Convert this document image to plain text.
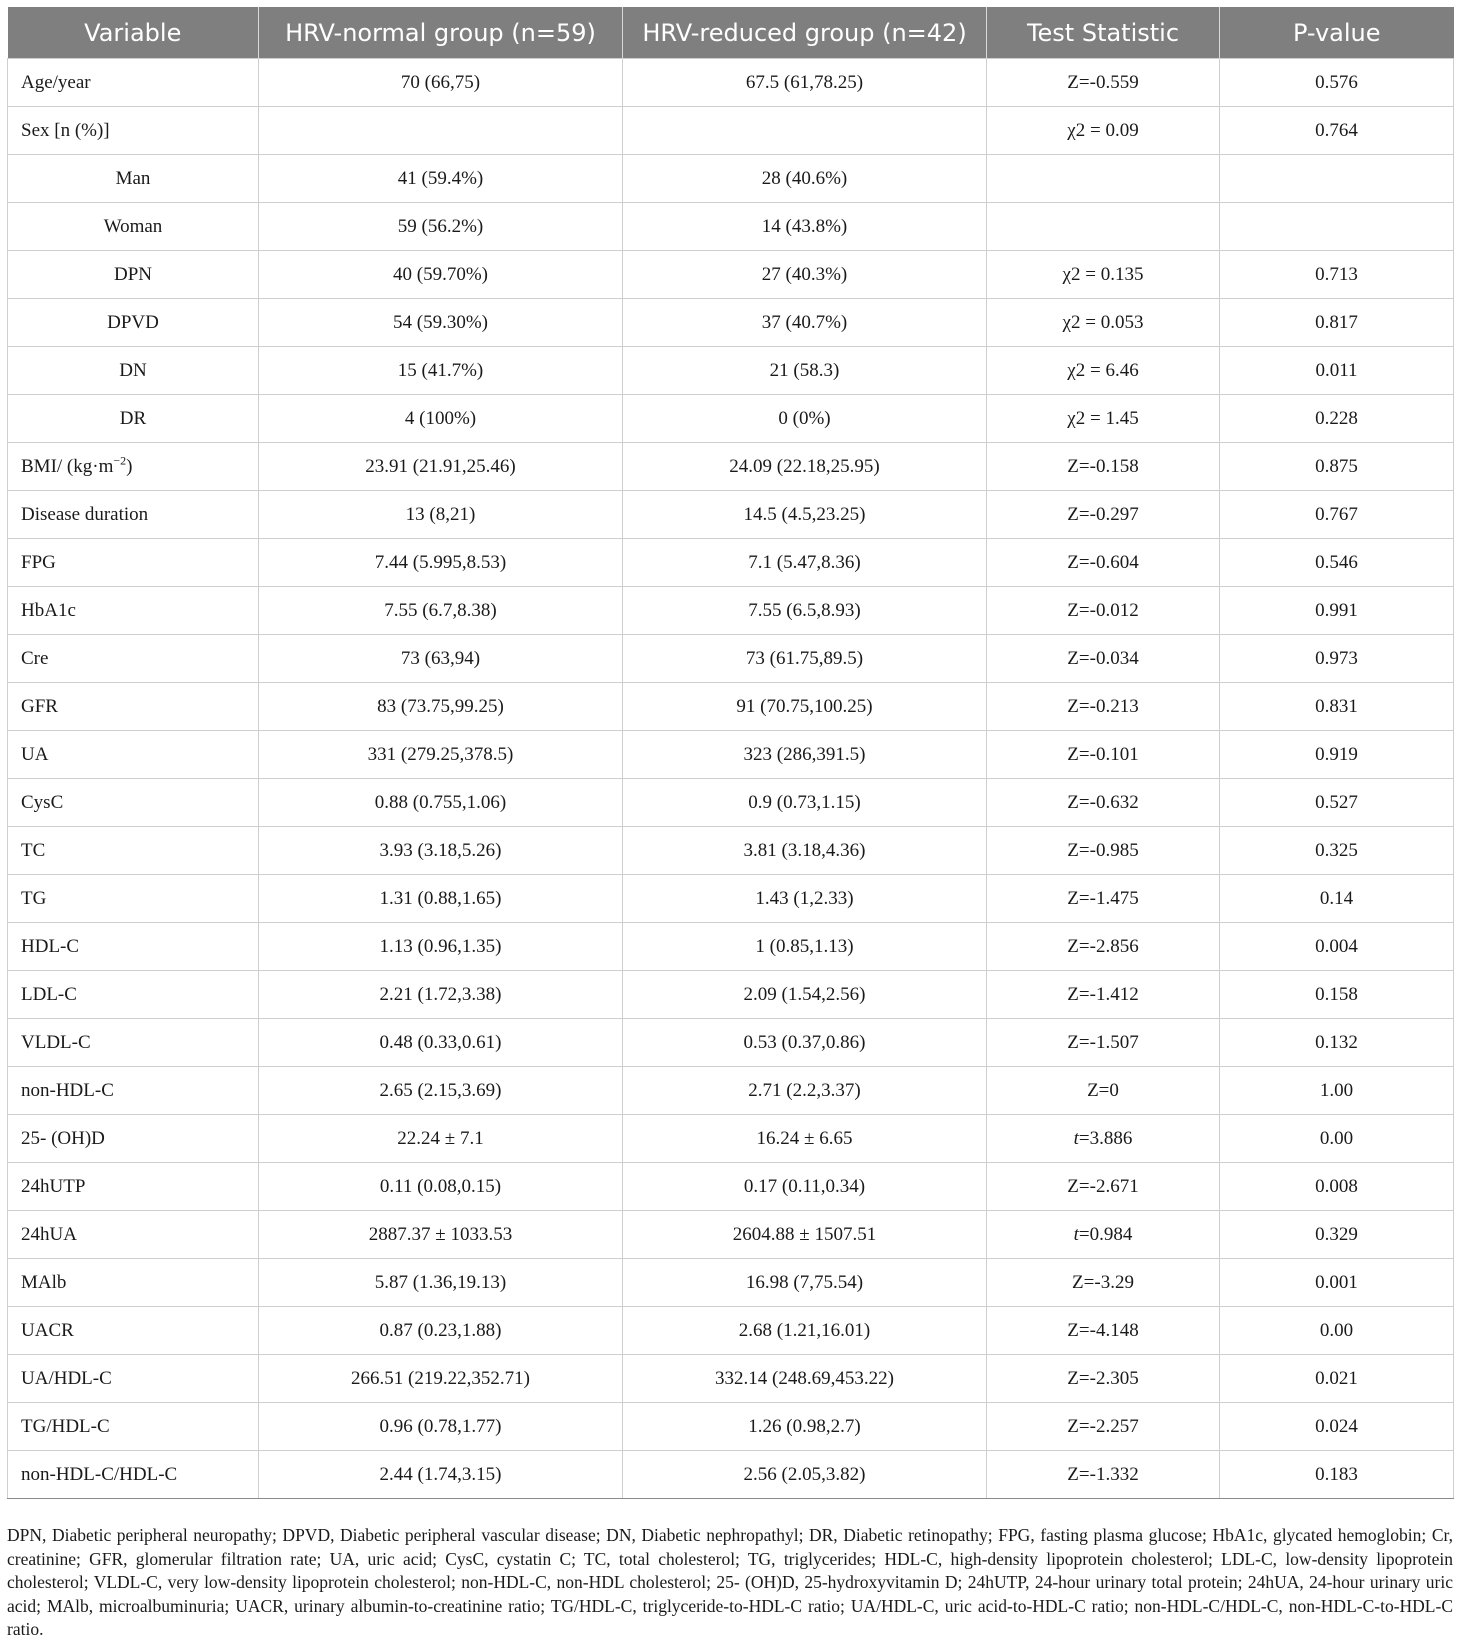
Variable	HRV-normal group (n=59)	HRV-reduced group (n=42)	Test Statistic	P-value
Age/year	70 (66,75)	67.5 (61,78.25)	Z=-0.559	0.576
Sex [n (%)]			χ2 = 0.09	0.764
Man	41 (59.4%)	28 (40.6%)		
Woman	59 (56.2%)	14 (43.8%)		
DPN	40 (59.70%)	27 (40.3%)	χ2 = 0.135	0.713
DPVD	54 (59.30%)	37 (40.7%)	χ2 = 0.053	0.817
DN	15 (41.7%)	21 (58.3)	χ2 = 6.46	0.011
DR	4 (100%)	0 (0%)	χ2 = 1.45	0.228
BMI/ $(kg\cdot m^{-2})$	23.91 (21.91,25.46)	24.09 (22.18,25.95)	Z=-0.158	0.875
Disease duration	13 (8,21)	14.5 (4.5,23.25)	Z=-0.297	0.767
FPG	7.44 (5.995,8.53)	7.1 (5.47,8.36)	Z=-0.604	0.546
HbA1c	7.55 (6.7,8.38)	7.55 (6.5,8.93)	Z=-0.012	0.991
Cre	73 (63,94)	73 (61.75,89.5)	Z=-0.034	0.973
GFR	83 (73.75,99.25)	91 (70.75,100.25)	Z=-0.213	0.831
UA	331 (279.25,378.5)	323 (286,391.5)	Z=-0.101	0.919
CysC	0.88 (0.755,1.06)	0.9 (0.73,1.15)	Z=-0.632	0.527
TC	3.93 (3.18,5.26)	3.81 (3.18,4.36)	Z=-0.985	0.325
TG	1.31 (0.88,1.65)	1.43 (1,2.33)	Z=-1.475	0.14
HDL-C	1.13 (0.96,1.35)	1 (0.85,1.13)	Z=-2.856	0.004
LDL-C	2.21 (1.72,3.38)	2.09 (1.54,2.56)	Z=-1.412	0.158
VLDL-C	0.48 (0.33,0.61)	0.53 (0.37,0.86)	Z=-1.507	0.132
non-HDL-C	2.65 (2.15,3.69)	2.71 (2.2,3.37)	Z=0	1.00
25- (OH)D	22.24 ± 7.1	16.24 ± 6.65	t=3.886	0.00
24hUTP	0.11 (0.08,0.15)	0.17 (0.11,0.34)	Z=-2.671	0.008
24hUA	2887.37 ± 1033.53	2604.88 ± 1507.51	t=0.984	0.329
MAlb	5.87 (1.36,19.13)	16.98 (7,75.54)	Z=-3.29	0.001
UACR	0.87 (0.23,1.88)	2.68 (1.21,16.01)	Z=-4.148	0.00
UA/HDL-C	266.51 (219.22,352.71)	332.14 (248.69,453.22)	Z=-2.305	0.021
TG/HDL-C	0.96 (0.78,1.77)	1.26 (0.98,2.7)	Z=-2.257	0.024
non-HDL-C/HDL-C	2.44 (1.74,3.15)	2.56 (2.05,3.82)	Z=-1.332	0.183

DPN, Diabetic peripheral neuropathy; DPVD, Diabetic peripheral vascular disease; DN, Diabetic nephropathyl; DR, Diabetic retinopathy; FPG, fasting plasma glucose; HbA1c, glycated hemoglobin; Cr, creatinine; GFR, glomerular filtration rate; UA, uric acid; CysC, cystatin C; TC, total cholesterol; TG, triglycerides; HDL-C, high-density lipoprotein cholesterol; LDL-C, low-density lipoprotein cholesterol; VLDL-C, very low-density lipoprotein cholesterol; non-HDL-C, non-HDL cholesterol; 25- (OH)D, 25-hydroxyvitamin D; 24hUTP, 24-hour urinary total protein; 24hUA, 24-hour urinary uric acid; MAlb, microalbuminuria; UACR, urinary albumin-to-creatinine ratio; TG/HDL-C, triglyceride-to-HDL-C ratio; UA/HDL-C, uric acid-to-HDL-C ratio; non-HDL-C/HDL-C, non-HDL-C-to-HDL-C ratio.
